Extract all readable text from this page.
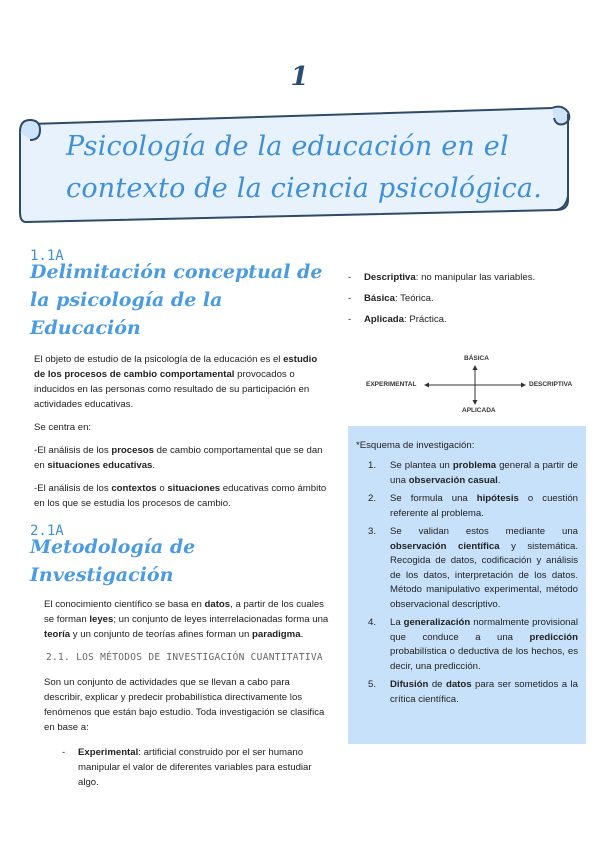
1
Psicología de la educación en el
contexto de la ciencia psicológica.
1.1A
Delimitación conceptual de
la psicología de la Educación
El objeto de estudio de la psicología de la educación es el estudio de los procesos de cambio comportamental provocados o inducidos en las personas como resultado de su participación en actividades educativas.
Se centra en:
-El análisis de los procesos de cambio comportamental que se dan en situaciones educativas.
-El análisis de los contextos o situaciones educativas como ámbito en los que se estudia los procesos de cambio.
2.1A
Metodología de Investigación
El conocimiento científico se basa en datos, a partir de los cuales se forman leyes; un conjunto de leyes interrelacionadas forma una teoría y un conjunto de teorías afines forman un paradigma.
2.1. LOS MÉTODOS DE INVESTIGACIÓN CUANTITATIVA
Son un conjunto de actividades que se llevan a cabo para describir, explicar y predecir probabilística directivamente los fenómenos que están bajo estudio. Toda investigación se clasifica en base a:
- Experimental: artificial construido por el ser humano manipular el valor de diferentes variables para estudiar algo.
- Descriptiva: no manipular las variables.
- Básica: Teórica.
- Aplicada: Práctica.
BÁSICA
EXPERIMENTAL	DESCRIPTIVA
APLICADA
*Esquema de investigación:
1. Se plantea un problema general a partir de una observación casual.
2. Se formula una hipótesis o cuestión referente al problema.
3. Se validan estos mediante una observación científica y sistemática. Recogida de datos, codificación y análisis de los datos, interpretación de los datos. Método manipulativo experimental, método observacional descriptivo.
4. La generalización normalmente provisional que conduce a una predicción probabilística o deductiva de los hechos, es decir, una predicción.
5. Difusión de datos para ser sometidos a la crítica científica.
